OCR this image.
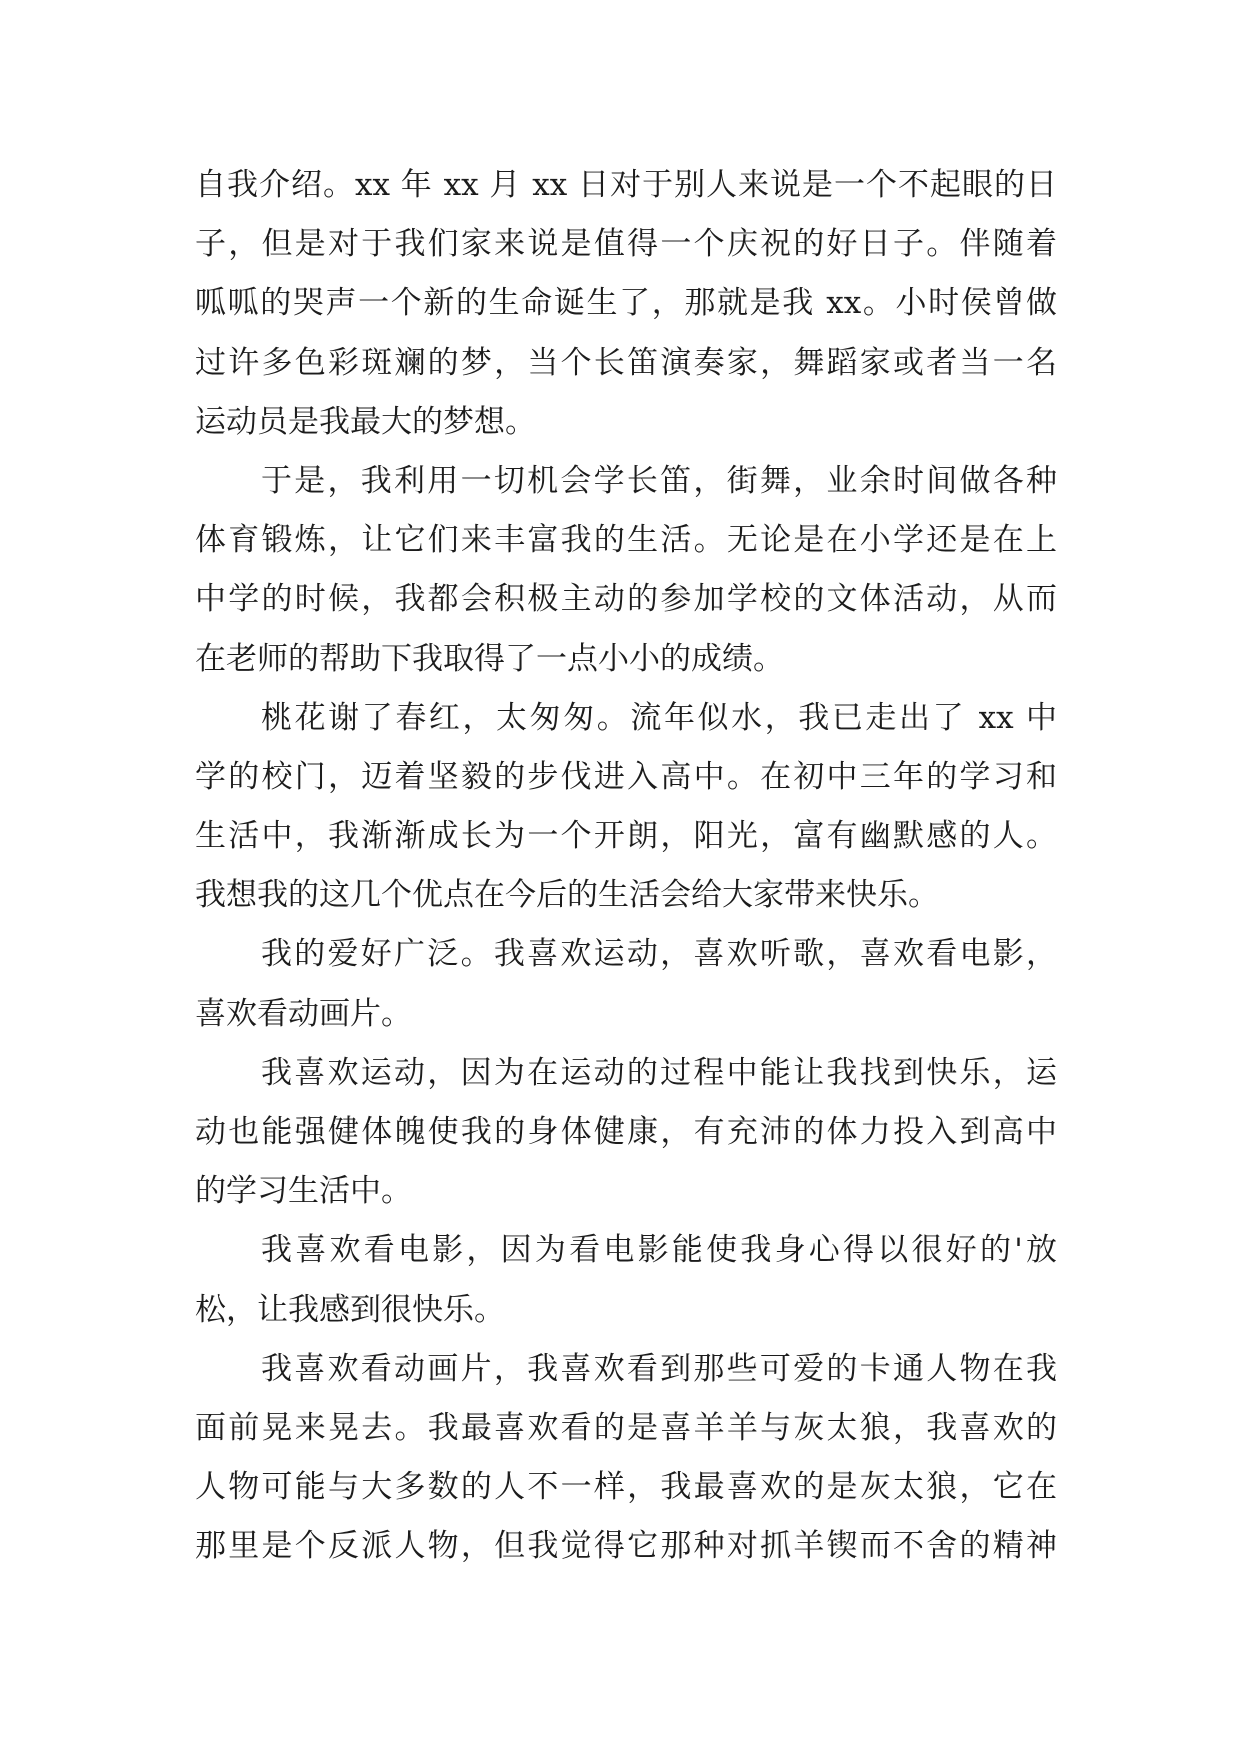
自我介绍。xx 年 xx 月 xx 日对于别人来说是一个不起眼的日
子，但是对于我们家来说是值得一个庆祝的好日子。伴随着
呱呱的哭声一个新的生命诞生了，那就是我 xx。小时侯曾做
过许多色彩斑斓的梦，当个长笛演奏家，舞蹈家或者当一名
运动员是我最大的梦想。
于是，我利用一切机会学长笛，街舞，业余时间做各种
体育锻炼，让它们来丰富我的生活。无论是在小学还是在上
中学的时候，我都会积极主动的参加学校的文体活动，从而
在老师的帮助下我取得了一点小小的成绩。
桃花谢了春红，太匆匆。流年似水，我已走出了 xx 中
学的校门，迈着坚毅的步伐进入高中。在初中三年的学习和
生活中，我渐渐成长为一个开朗，阳光，富有幽默感的人。
我想我的这几个优点在今后的生活会给大家带来快乐。
我的爱好广泛。我喜欢运动，喜欢听歌，喜欢看电影，
喜欢看动画片。
我喜欢运动，因为在运动的过程中能让我找到快乐，运
动也能强健体魄使我的身体健康，有充沛的体力投入到高中
的学习生活中。
我喜欢看电影，因为看电影能使我身心得以很好的'放
松，让我感到很快乐。
我喜欢看动画片，我喜欢看到那些可爱的卡通人物在我
面前晃来晃去。我最喜欢看的是喜羊羊与灰太狼，我喜欢的
人物可能与大多数的人不一样，我最喜欢的是灰太狼，它在
那里是个反派人物，但我觉得它那种对抓羊锲而不舍的精神
